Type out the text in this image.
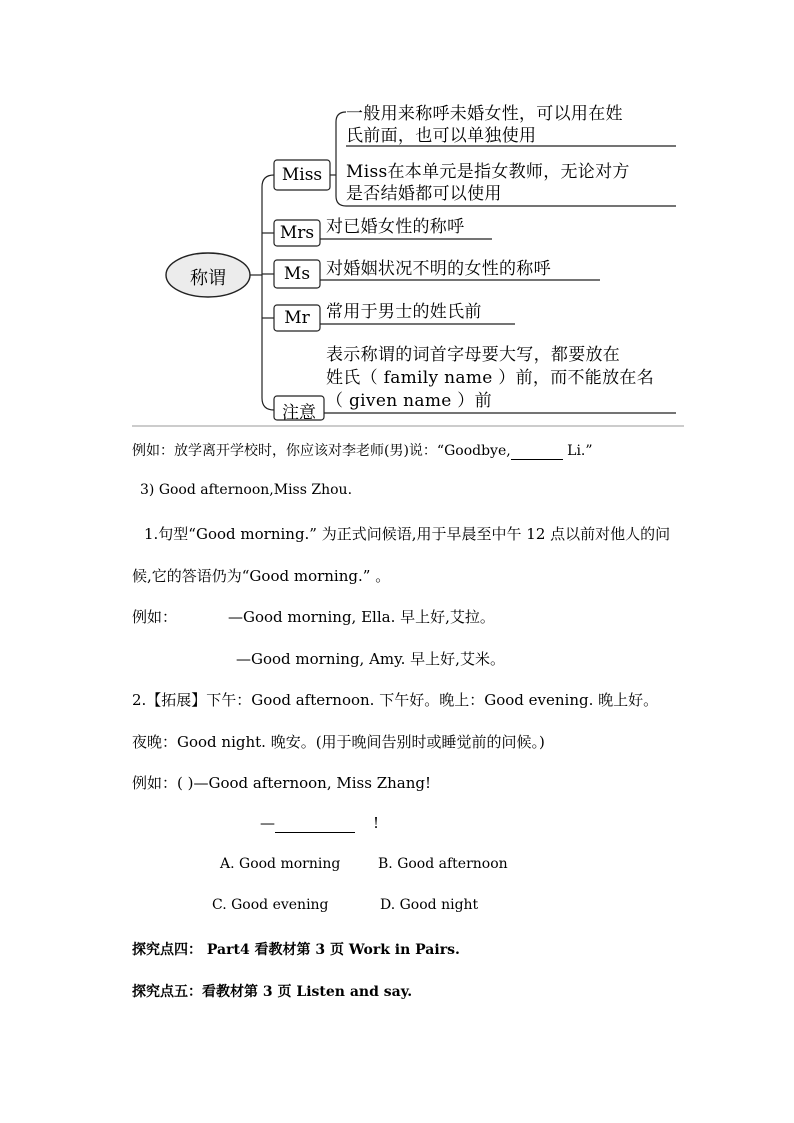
称谓
Miss
Mrs
Ms
Mr
注意
一般用来称呼未婚女性，可以用在姓
氏前面，也可以单独使用
Miss在本单元是指女教师，无论对方
是否结婚都可以使用
对已婚女性的称呼
对婚姻状况不明的女性的称呼
常用于男士的姓氏前
表示称谓的词首字母要大写，都要放在
姓氏（ family name ）前，而不能放在名
（ given name ）前
例如：放学离开学校时，你应该对李老师(男)说：“Goodbye,	Li.”
3) Good afternoon,Miss Zhou.
1.句型“Good morning.” 为正式问候语,用于早晨至中午 12 点以前对他人的问
候,它的答语仍为“Good morning.” 。
例如：	—Good morning, Ella. 早上好,艾拉。
—Good morning, Amy. 早上好,艾米。
2.【拓展】下午：Good afternoon. 下午好。晚上：Good evening. 晚上好。
夜晚：Good night. 晚安。(用于晚间告别时或睡觉前的问候。)
例如：( )—Good afternoon, Miss Zhang!
—	!
A. Good morning	B. Good afternoon
C. Good evening	D. Good night
探究点四： Part4 看教材第 3 页 Work in Pairs.
探究点五：看教材第 3 页 Listen and say.
